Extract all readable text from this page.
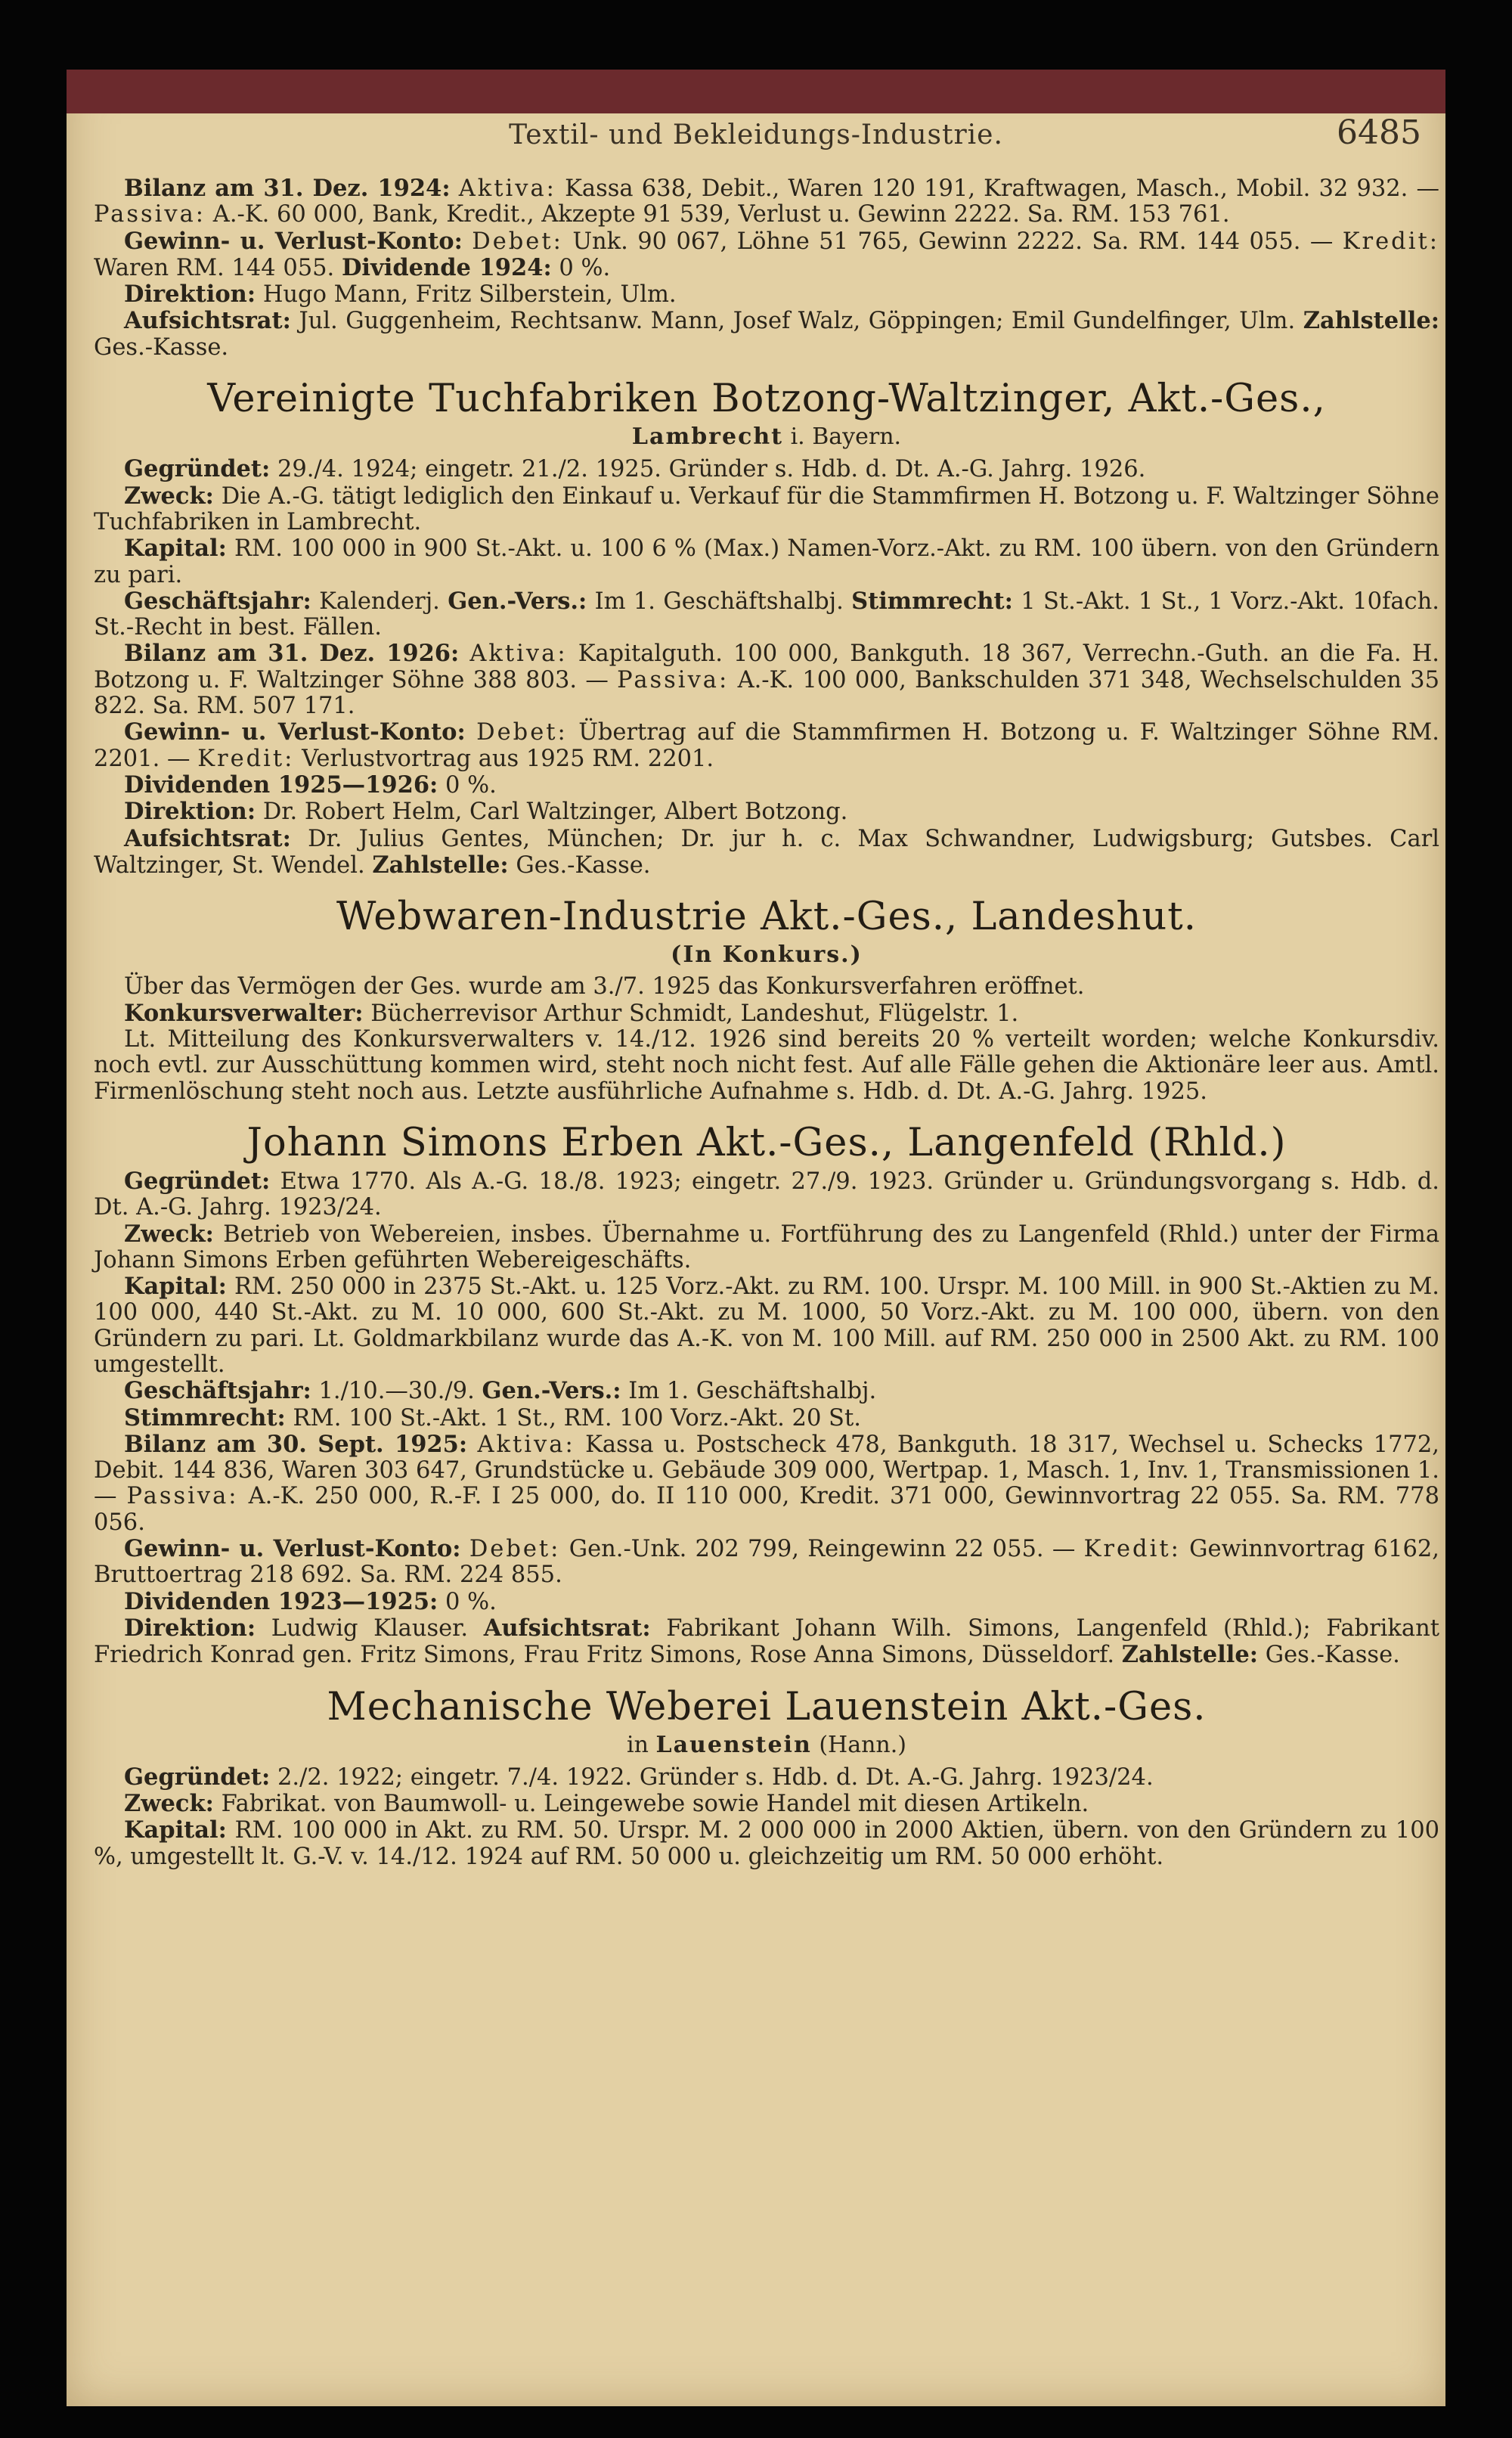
Textil- und Bekleidungs-Industrie.	6485

Bilanz am 31. Dez. 1924: Aktiva: Kassa 638, Debit., Waren 120 191, Kraftwagen, Masch., Mobil. 32 932. — Passiva: A.-K. 60 000, Bank, Kredit., Akzepte 91 539, Verlust u. Gewinn 2222. Sa. RM. 153 761.

Gewinn- u. Verlust-Konto: Debet: Unk. 90 067, Löhne 51 765, Gewinn 2222. Sa. RM. 144 055. — Kredit: Waren RM. 144 055. Dividende 1924: 0 %.

Direktion: Hugo Mann, Fritz Silberstein, Ulm.

Aufsichtsrat: Jul. Guggenheim, Rechtsanw. Mann, Josef Walz, Göppingen; Emil Gundelfinger, Ulm. Zahlstelle: Ges.-Kasse.

Vereinigte Tuchfabriken Botzong-Waltzinger, Akt.-Ges.,
Lambrecht i. Bayern.

Gegründet: 29./4. 1924; eingetr. 21./2. 1925. Gründer s. Hdb. d. Dt. A.-G. Jahrg. 1926.

Zweck: Die A.-G. tätigt lediglich den Einkauf u. Verkauf für die Stammfirmen H. Botzong u. F. Waltzinger Söhne Tuchfabriken in Lambrecht.

Kapital: RM. 100 000 in 900 St.-Akt. u. 100 6 % (Max.) Namen-Vorz.-Akt. zu RM. 100 übern. von den Gründern zu pari.

Geschäftsjahr: Kalenderj. Gen.-Vers.: Im 1. Geschäftshalbj. Stimmrecht: 1 St.-Akt. 1 St., 1 Vorz.-Akt. 10fach. St.-Recht in best. Fällen.

Bilanz am 31. Dez. 1926: Aktiva: Kapitalguth. 100 000, Bankguth. 18 367, Verrechn.-Guth. an die Fa. H. Botzong u. F. Waltzinger Söhne 388 803. — Passiva: A.-K. 100 000, Bankschulden 371 348, Wechselschulden 35 822. Sa. RM. 507 171.

Gewinn- u. Verlust-Konto: Debet: Übertrag auf die Stammfirmen H. Botzong u. F. Waltzinger Söhne RM. 2201. — Kredit: Verlustvortrag aus 1925 RM. 2201.

Dividenden 1925—1926: 0 %.

Direktion: Dr. Robert Helm, Carl Waltzinger, Albert Botzong.

Aufsichtsrat: Dr. Julius Gentes, München; Dr. jur h. c. Max Schwandner, Ludwigsburg; Gutsbes. Carl Waltzinger, St. Wendel. Zahlstelle: Ges.-Kasse.

Webwaren-Industrie Akt.-Ges., Landeshut.
(In Konkurs.)

Über das Vermögen der Ges. wurde am 3./7. 1925 das Konkursverfahren eröffnet.

Konkursverwalter: Bücherrevisor Arthur Schmidt, Landeshut, Flügelstr. 1.

Lt. Mitteilung des Konkursverwalters v. 14./12. 1926 sind bereits 20 % verteilt worden; welche Konkursdiv. noch evtl. zur Ausschüttung kommen wird, steht noch nicht fest. Auf alle Fälle gehen die Aktionäre leer aus. Amtl. Firmenlöschung steht noch aus. Letzte ausführliche Aufnahme s. Hdb. d. Dt. A.-G. Jahrg. 1925.

Johann Simons Erben Akt.-Ges., Langenfeld (Rhld.)

Gegründet: Etwa 1770. Als A.-G. 18./8. 1923; eingetr. 27./9. 1923. Gründer u. Gründungsvorgang s. Hdb. d. Dt. A.-G. Jahrg. 1923/24.

Zweck: Betrieb von Webereien, insbes. Übernahme u. Fortführung des zu Langenfeld (Rhld.) unter der Firma Johann Simons Erben geführten Webereigeschäfts.

Kapital: RM. 250 000 in 2375 St.-Akt. u. 125 Vorz.-Akt. zu RM. 100. Urspr. M. 100 Mill. in 900 St.-Aktien zu M. 100 000, 440 St.-Akt. zu M. 10 000, 600 St.-Akt. zu M. 1000, 50 Vorz.-Akt. zu M. 100 000, übern. von den Gründern zu pari. Lt. Goldmarkbilanz wurde das A.-K. von M. 100 Mill. auf RM. 250 000 in 2500 Akt. zu RM. 100 umgestellt.

Geschäftsjahr: 1./10.—30./9. Gen.-Vers.: Im 1. Geschäftshalbj.

Stimmrecht: RM. 100 St.-Akt. 1 St., RM. 100 Vorz.-Akt. 20 St.

Bilanz am 30. Sept. 1925: Aktiva: Kassa u. Postscheck 478, Bankguth. 18 317, Wechsel u. Schecks 1772, Debit. 144 836, Waren 303 647, Grundstücke u. Gebäude 309 000, Wertpap. 1, Masch. 1, Inv. 1, Transmissionen 1. — Passiva: A.-K. 250 000, R.-F. I 25 000, do. II 110 000, Kredit. 371 000, Gewinnvortrag 22 055. Sa. RM. 778 056.

Gewinn- u. Verlust-Konto: Debet: Gen.-Unk. 202 799, Reingewinn 22 055. — Kredit: Gewinnvortrag 6162, Bruttoertrag 218 692. Sa. RM. 224 855.

Dividenden 1923—1925: 0 %.

Direktion: Ludwig Klauser. Aufsichtsrat: Fabrikant Johann Wilh. Simons, Langenfeld (Rhld.); Fabrikant Friedrich Konrad gen. Fritz Simons, Frau Fritz Simons, Rose Anna Simons, Düsseldorf. Zahlstelle: Ges.-Kasse.

Mechanische Weberei Lauenstein Akt.-Ges.
in Lauenstein (Hann.)

Gegründet: 2./2. 1922; eingetr. 7./4. 1922. Gründer s. Hdb. d. Dt. A.-G. Jahrg. 1923/24.

Zweck: Fabrikat. von Baumwoll- u. Leingewebe sowie Handel mit diesen Artikeln.

Kapital: RM. 100 000 in Akt. zu RM. 50. Urspr. M. 2 000 000 in 2000 Aktien, übern. von den Gründern zu 100 %, umgestellt lt. G.-V. v. 14./12. 1924 auf RM. 50 000 u. gleichzeitig um RM. 50 000 erhöht.
